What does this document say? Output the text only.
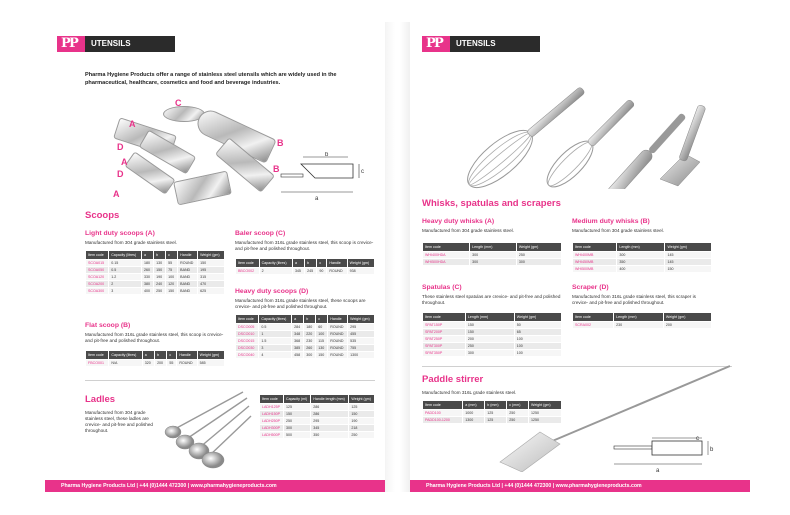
P
P	UTENSILS
Pharma Hygiene Products offer a range of stainless steel utensils which are widely used in the pharmaceutical, healthcare, cosmetics and food and beverage industries.
A
C
D
A
D
A
B
B
b
c
a
Scoops
Light duty scoops (A)
Manufactured from 304 grade stainless steel.
Item code	Capacity (litres)	a	b	c	Handle	Weight (gm)
SCOA015	0.15	180	130	55	ROUND	150
SCOA050	0.5	260	150	75	BAND	195
SCOA120	1.2	330	190	100	BAND	315
SCOA200	2	380	240	120	BAND	470
SCOA300	3	400	250	150	BAND	625
Flat scoop (B)
Manufactured from 316L grade stainless steel, this scoop is crevice- and pit-free and polished throughout.
Item code	Capacity (litres)	a	b	c	Handle	Weight (gm)
FBCO001	N/A	320	200	55	ROUND	585
Baler scoop (C)
Manufactured from 316L grade stainless steel, this scoop is crevice- and pit-free and polished throughout.
Item code	Capacity (litres)	a	b	c	Handle	Weight (gm)
BBCO002	2	345	245	90	ROUND	938
Heavy duty scoops (D)
Manufactured from 316L grade stainless steel, these scoops are crevice- and pit-free and polished throughout.
Item code	Capacity (litres)	a	b	c	Handle	Weight (gm)
DSCO005	0.5	284	180	60	ROUND	295
DSCO010	1	348	220	100	ROUND	455
DSCO015	1.5	368	230	115	ROUND	535
DSCO030	3	385	260	130	ROUND	755
DSCO040	4	458	300	150	ROUND	1300
Ladles
Manufactured from 304 grade stainless steel, these ladles are crevice- and pit-free and polished throughout.
Item code	Capacity (ml)	Handle length (mm)	Weight (gm)
LADH125P	125	286	125
LADH150P	150	286	150
LADH250P	250	295	190
LADH300P	300	345	218
LADH500P	500	350	250
Pharma Hygiene Products Ltd | +44 (0)1444 472300 | www.pharmahygieneproducts.com
P
P	UTENSILS
Whisks, spatulas and scrapers
Heavy duty whisks (A)
Manufactured from 304 grade stainless steel.
Item code	Length (mm)	Weight (gm)
WHI400HDA	300	250
WHI500HDA	300	300
Medium duty whisks (B)
Manufactured from 304 grade stainless steel.
Item code	Length (mm)	Weight (gm)
WHI400MB	300	145
WHI450MB	350	145
WHI500MB	400	150
Spatulas (C)
These stainless steel spatulas are crevice- and pit-free and polished throughout.
Item code	Length (mm)	Weight (gm)
SPAT150P	150	50
SPAT200P	150	65
SPAT250P	200	100
SPAT300P	250	100
SPAT350P	300	100
Scraper (D)
Manufactured from 316L grade stainless steel, this scraper is crevice- and pit-free and polished throughout.
Item code	Length (mm)	Weight (gm)
SCRA002	230	200
Paddle stirrer
Manufactured from 316L grade stainless steel.
Item code	a (mm)	b (mm)	c (mm)	Weight (gm)
PADD100	1000	125	250	1250
PADD100-1200	1300	125	250	1250
c
b
a
Pharma Hygiene Products Ltd | +44 (0)1444 472300 | www.pharmahygieneproducts.com
